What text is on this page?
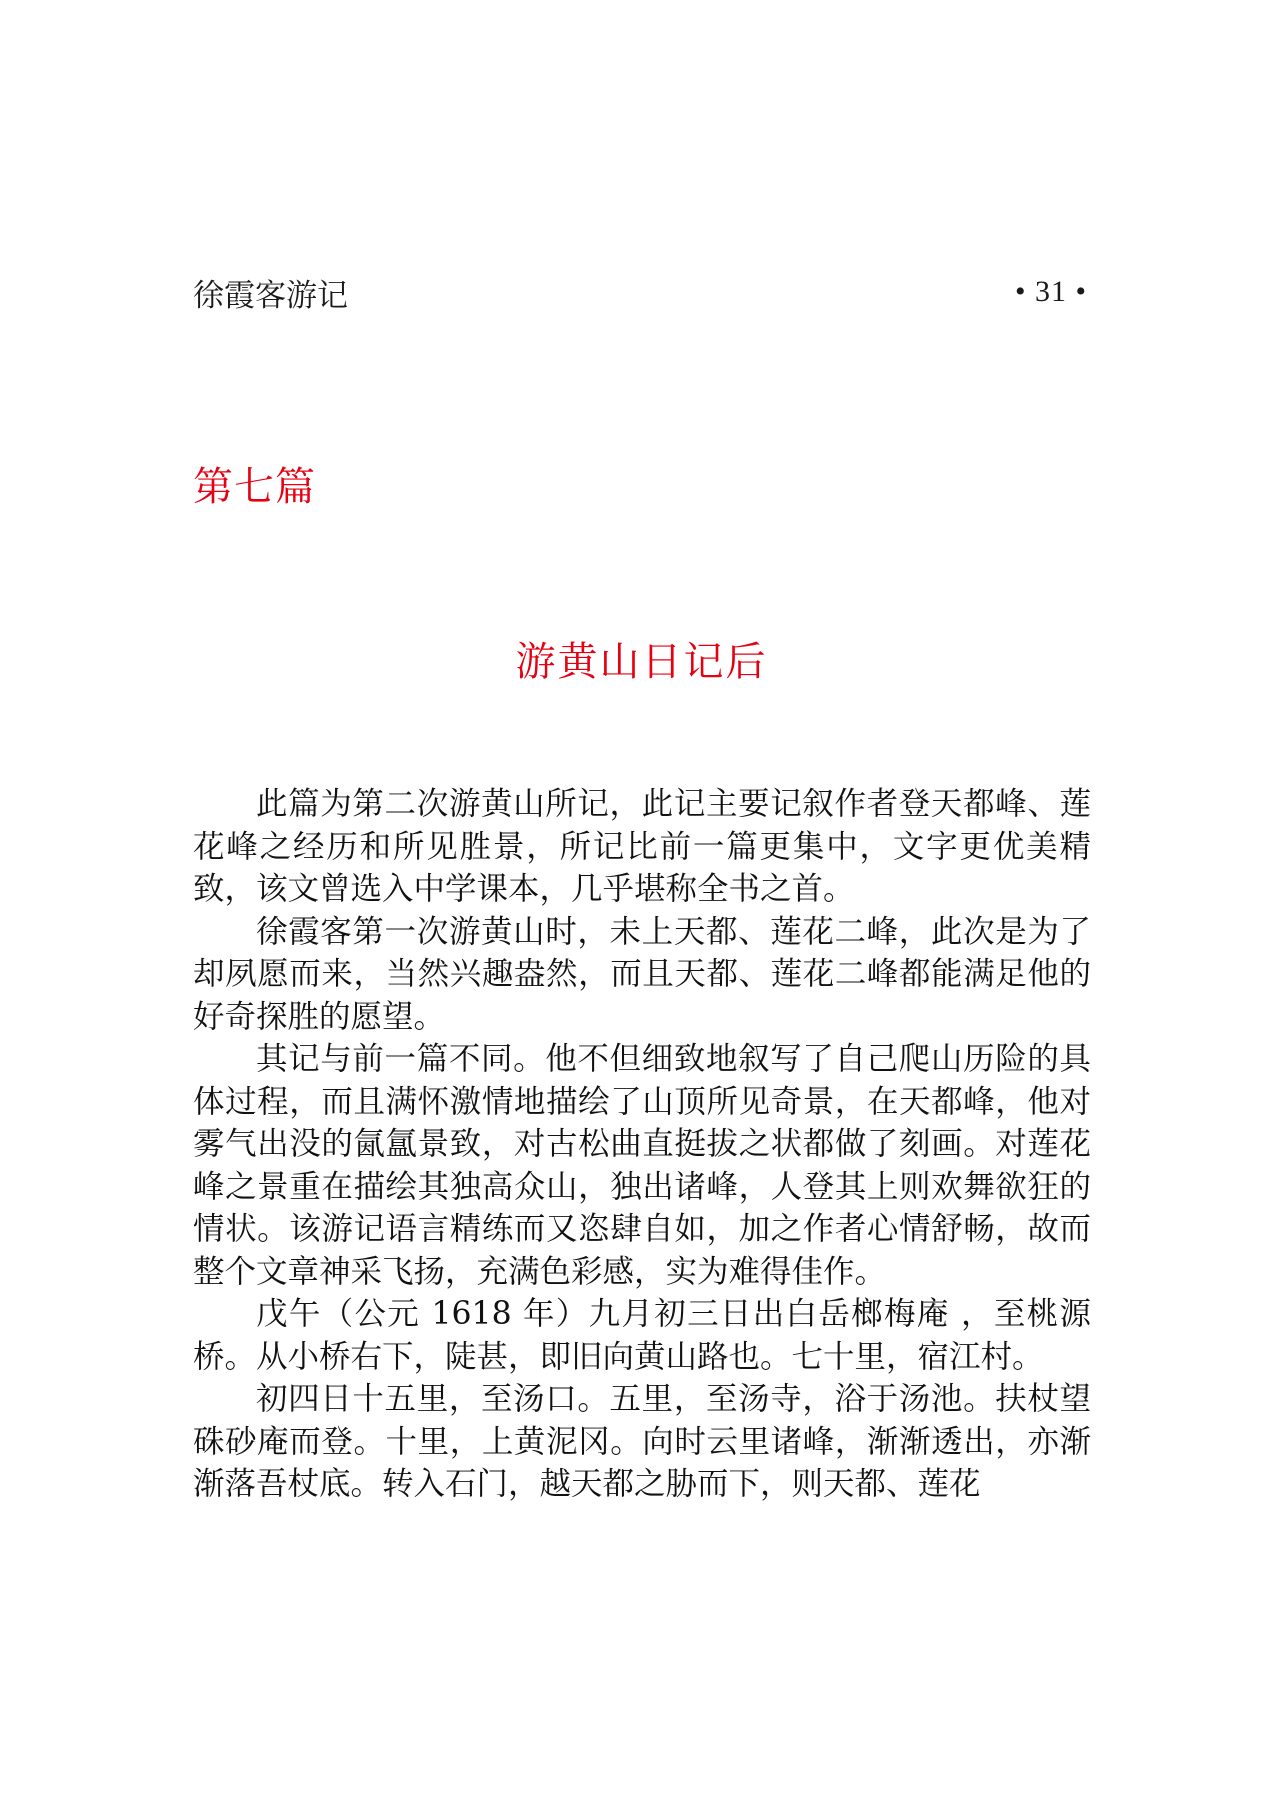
徐霞客游记	• 31 •
第七篇
游黄山日记后

此篇为第二次游黄山所记，此记主要记叙作者登天都峰、莲花峰之经历和所见胜景，所记比前一篇更集中，文字更优美精致，该文曾选入中学课本，几乎堪称全书之首。

徐霞客第一次游黄山时，未上天都、莲花二峰，此次是为了却夙愿而来，当然兴趣盎然，而且天都、莲花二峰都能满足他的好奇探胜的愿望。

其记与前一篇不同。他不但细致地叙写了自己爬山历险的具体过程，而且满怀激情地描绘了山顶所见奇景，在天都峰，他对雾气出没的氤氲景致，对古松曲直挺拔之状都做了刻画。对莲花峰之景重在描绘其独高众山，独出诸峰，人登其上则欢舞欲狂的情状。该游记语言精练而又恣肆自如，加之作者心情舒畅，故而整个文章神采飞扬，充满色彩感，实为难得佳作。

戊午（公元 1618 年）九月初三日出白岳榔梅庵 ，至桃源桥。从小桥右下，陡甚，即旧向黄山路也。七十里，宿江村。

初四日十五里，至汤口。五里，至汤寺，浴于汤池。扶杖望硃砂庵而登。十里，上黄泥冈。向时云里诸峰，渐渐透出，亦渐渐落吾杖底。转入石门，越天都之胁而下，则天都、莲花
